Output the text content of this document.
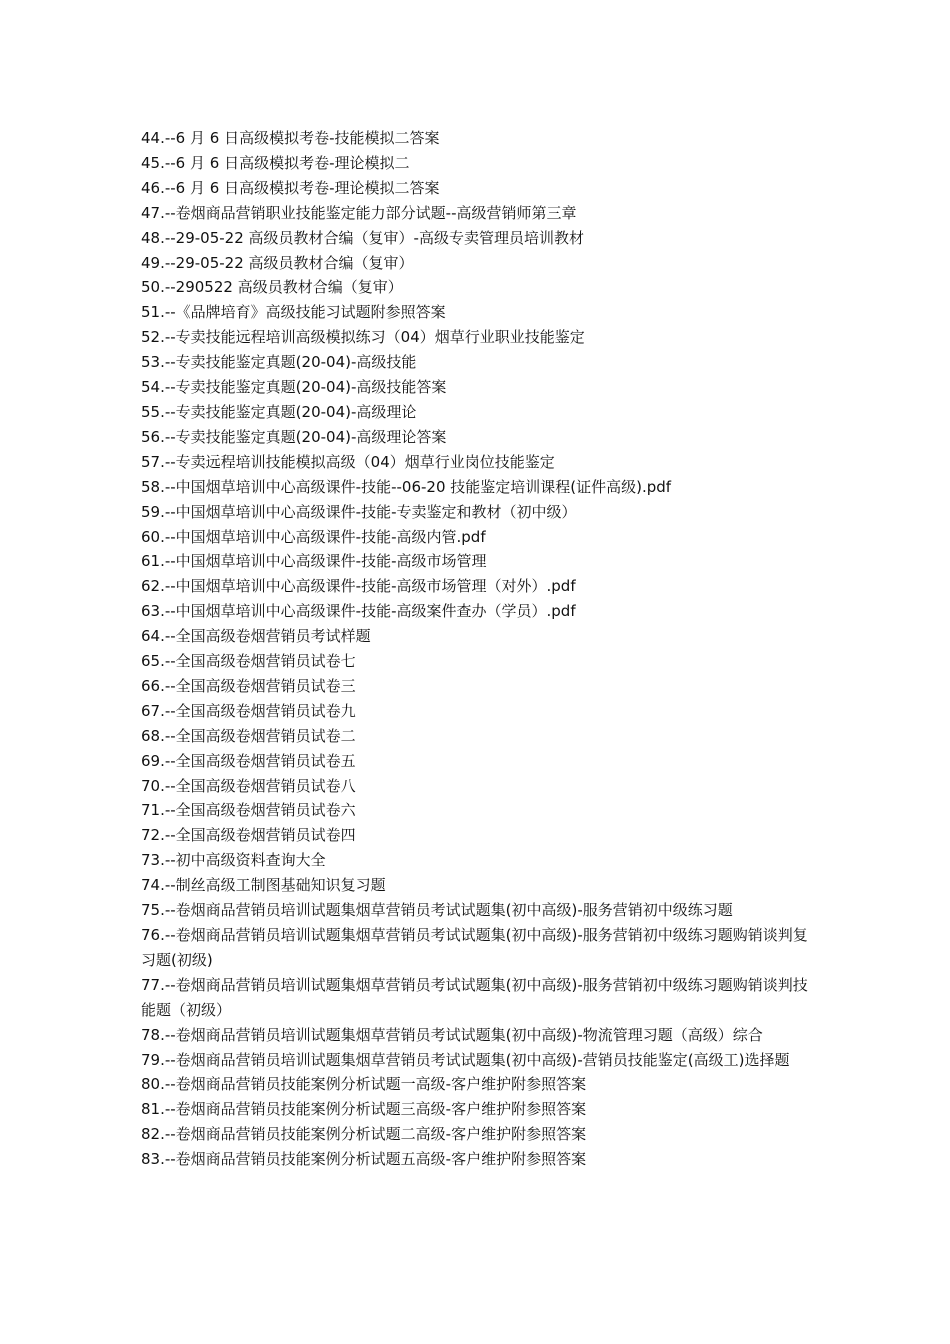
44.--6 月 6 日高级模拟考卷-技能模拟二答案
45.--6 月 6 日高级模拟考卷-理论模拟二
46.--6 月 6 日高级模拟考卷-理论模拟二答案
47.--卷烟商品营销职业技能鉴定能力部分试题--高级营销师第三章
48.--29-05-22 高级员教材合编（复审）-高级专卖管理员培训教材
49.--29-05-22 高级员教材合编（复审）
50.--290522 高级员教材合编（复审）
51.--《品牌培育》高级技能习试题附参照答案
52.--专卖技能远程培训高级模拟练习（04）烟草行业职业技能鉴定
53.--专卖技能鉴定真题(20-04)-高级技能
54.--专卖技能鉴定真题(20-04)-高级技能答案
55.--专卖技能鉴定真题(20-04)-高级理论
56.--专卖技能鉴定真题(20-04)-高级理论答案
57.--专卖远程培训技能模拟高级（04）烟草行业岗位技能鉴定
58.--中国烟草培训中心高级课件-技能--06-20 技能鉴定培训课程(证件高级).pdf
59.--中国烟草培训中心高级课件-技能-专卖鉴定和教材（初中级）
60.--中国烟草培训中心高级课件-技能-高级内管.pdf
61.--中国烟草培训中心高级课件-技能-高级市场管理
62.--中国烟草培训中心高级课件-技能-高级市场管理（对外）.pdf
63.--中国烟草培训中心高级课件-技能-高级案件查办（学员）.pdf
64.--全国高级卷烟营销员考试样题
65.--全国高级卷烟营销员试卷七
66.--全国高级卷烟营销员试卷三
67.--全国高级卷烟营销员试卷九
68.--全国高级卷烟营销员试卷二
69.--全国高级卷烟营销员试卷五
70.--全国高级卷烟营销员试卷八
71.--全国高级卷烟营销员试卷六
72.--全国高级卷烟营销员试卷四
73.--初中高级资料查询大全
74.--制丝高级工制图基础知识复习题
75.--卷烟商品营销员培训试题集烟草营销员考试试题集(初中高级)-服务营销初中级练习题
76.--卷烟商品营销员培训试题集烟草营销员考试试题集(初中高级)-服务营销初中级练习题购销谈判复习题(初级)
77.--卷烟商品营销员培训试题集烟草营销员考试试题集(初中高级)-服务营销初中级练习题购销谈判技能题（初级）
78.--卷烟商品营销员培训试题集烟草营销员考试试题集(初中高级)-物流管理习题（高级）综合
79.--卷烟商品营销员培训试题集烟草营销员考试试题集(初中高级)-营销员技能鉴定(高级工)选择题
80.--卷烟商品营销员技能案例分析试题一高级-客户维护附参照答案
81.--卷烟商品营销员技能案例分析试题三高级-客户维护附参照答案
82.--卷烟商品营销员技能案例分析试题二高级-客户维护附参照答案
83.--卷烟商品营销员技能案例分析试题五高级-客户维护附参照答案
